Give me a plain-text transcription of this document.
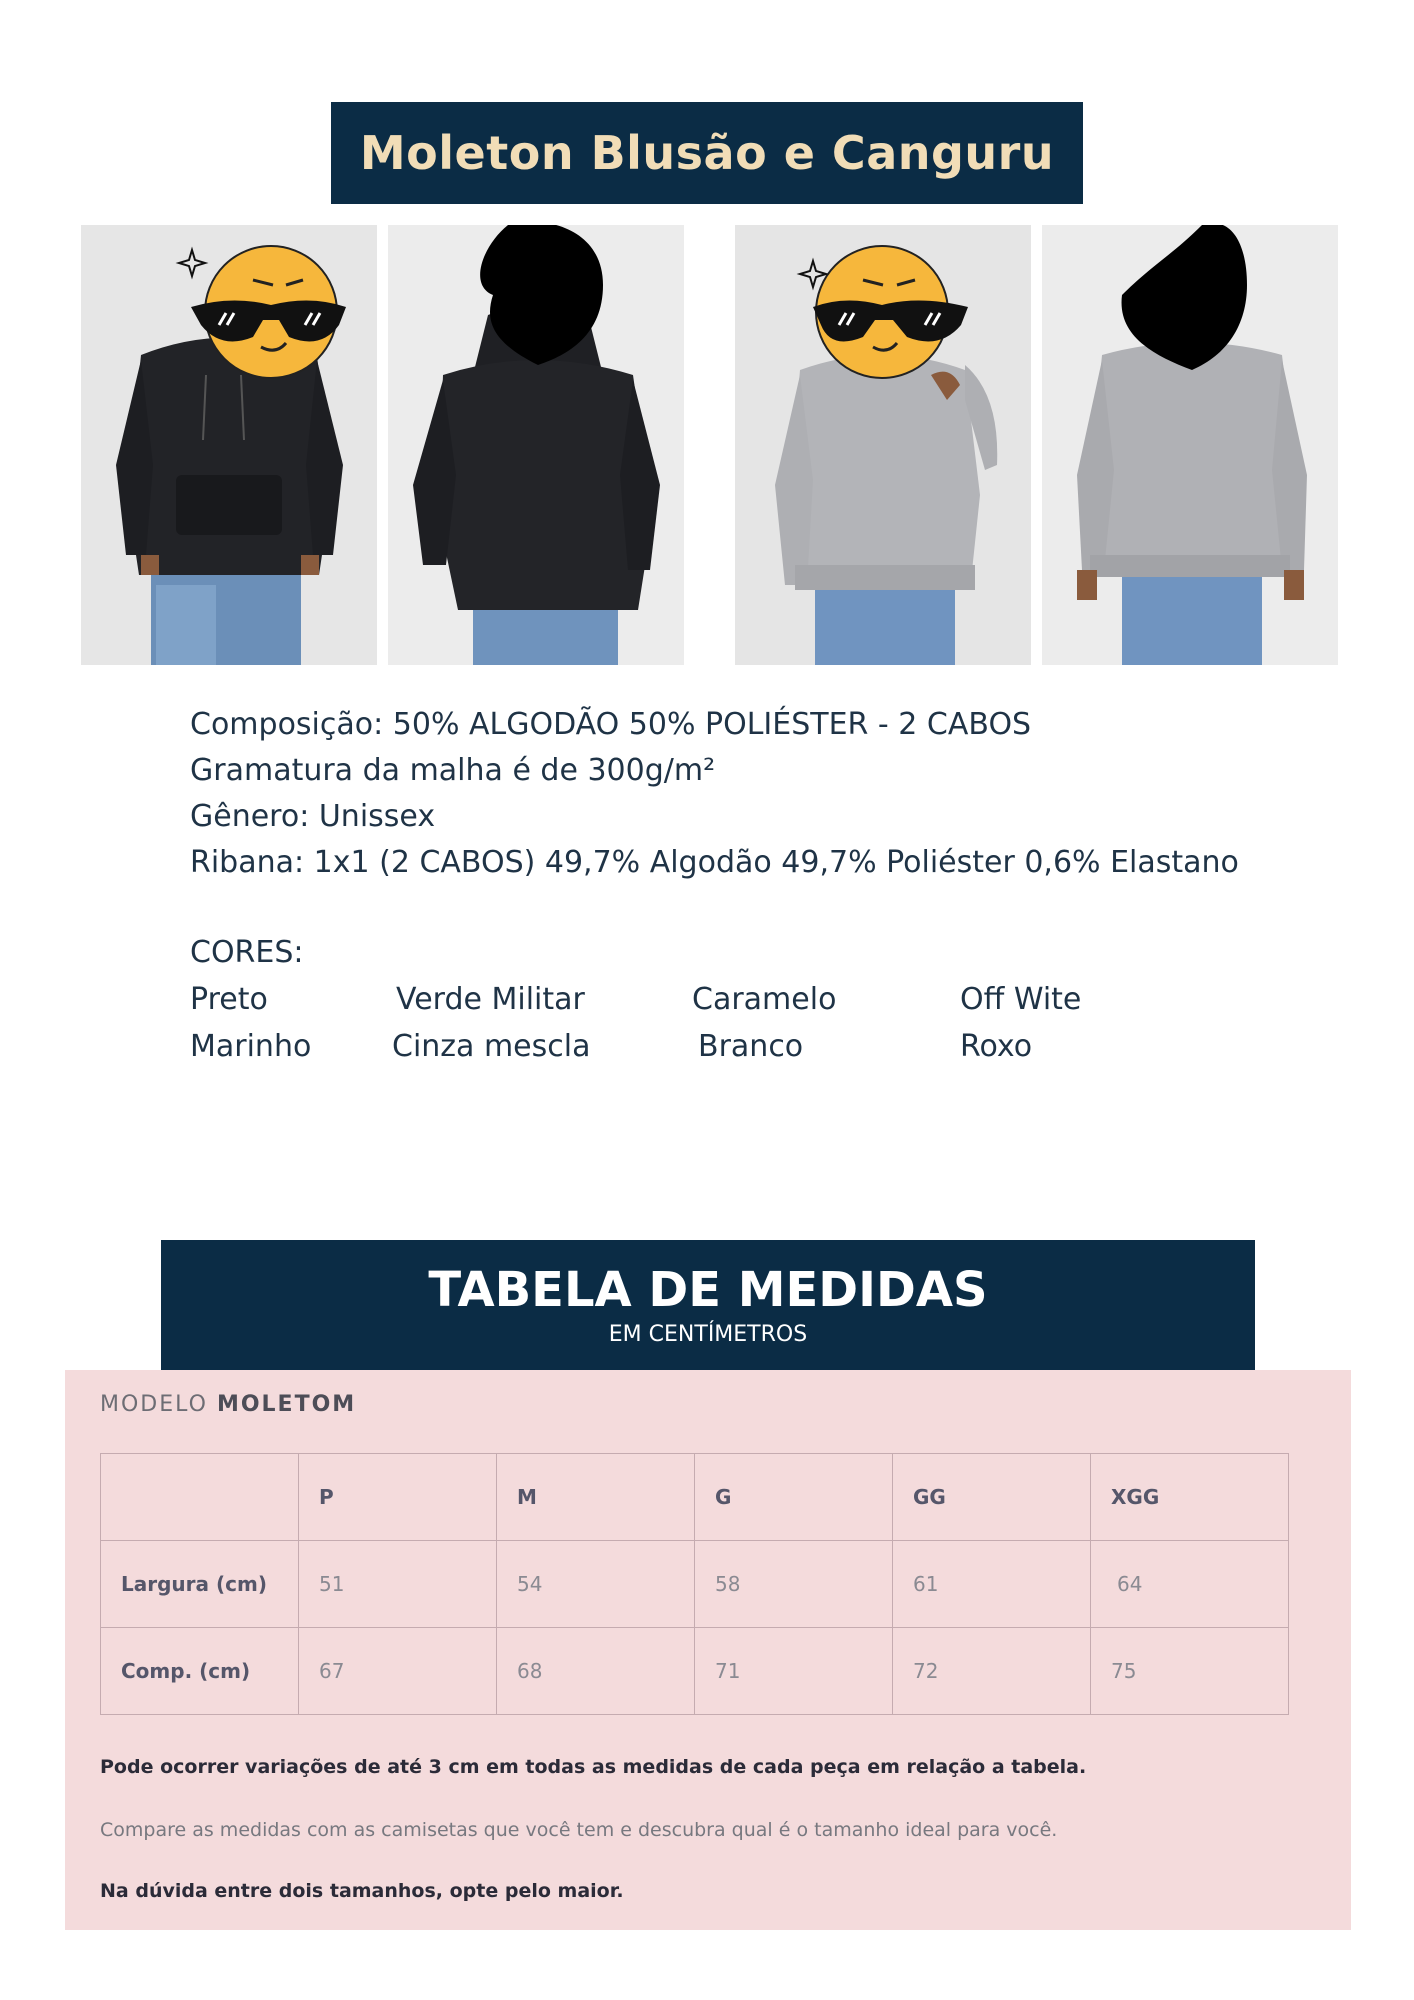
Moleton Blusão e Canguru
Composição: 50% ALGODÃO 50% POLIÉSTER - 2 CABOS
Gramatura da malha é de 300g/m²
Gênero: Unissex
Ribana: 1x1 (2 CABOS) 49,7% Algodão 49,7% Poliéster 0,6% Elastano
CORES:
Preto	Verde Militar	Caramelo	Off Wite
Marinho	Cinza mescla	Branco	Roxo
TABELA DE MEDIDAS
EM CENTÍMETROS
MODELO MOLETOM
	P	M	G	GG	XGG
Largura (cm)	51	54	58	61	64
Comp. (cm)	67	68	71	72	75
Pode ocorrer variações de até 3 cm em todas as medidas de cada peça em relação a tabela.
Compare as medidas com as camisetas que você tem e descubra qual é o tamanho ideal para você.
Na dúvida entre dois tamanhos, opte pelo maior.
